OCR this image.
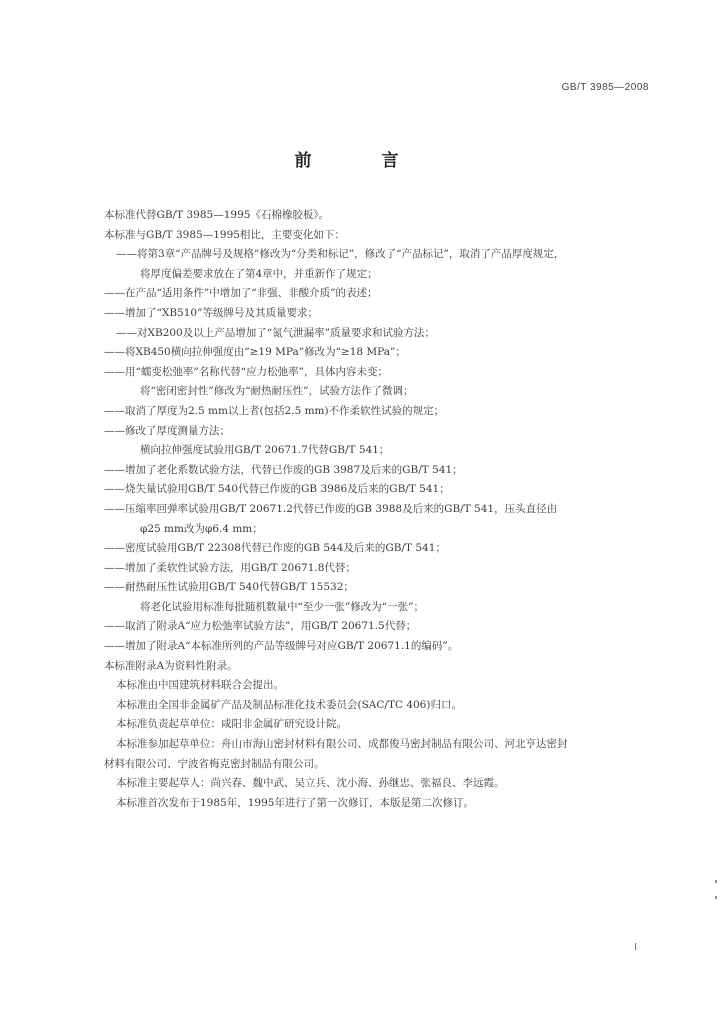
GB/T 3985—2008
前 言
本标准代替GB/T 3985—1995《石棉橡胶板》。
本标准与GB/T 3985—1995相比，主要变化如下：
——将第3章“产品牌号及规格”修改为“分类和标记”，修改了“产品标记”，取消了产品厚度规定，
将厚度偏差要求放在了第4章中，并重新作了规定；
——在产品“适用条件”中增加了“非强、非酸介质”的表述；
——增加了“XB510”等级牌号及其质量要求；
——对XB200及以上产品增加了“氮气泄漏率”质量要求和试验方法；
——将XB450横向拉伸强度由“≥19 MPa”修改为“≥18 MPa”；
——用“蠕变松弛率”名称代替“应力松弛率”，具体内容未变；
将“密闭密封性”修改为“耐热耐压性”，试验方法作了微调；
——取消了厚度为2.5 mm以上者(包括2.5 mm)不作柔软性试验的规定；
——修改了厚度测量方法；
横向拉伸强度试验用GB/T 20671.7代替GB/T 541；
——增加了老化系数试验方法，代替已作废的GB 3987及后来的GB/T 541；
——烧失量试验用GB/T 540代替已作废的GB 3986及后来的GB/T 541；
——压缩率回弹率试验用GB/T 20671.2代替已作废的GB 3988及后来的GB/T 541，压头直径由
φ25 mm改为φ6.4 mm；
——密度试验用GB/T 22308代替已作废的GB 544及后来的GB/T 541；
——增加了柔软性试验方法，用GB/T 20671.8代替；
——耐热耐压性试验用GB/T 540代替GB/T 15532；
将老化试验用标准每批随机数量中“至少一张”修改为“一张”；
——取消了附录A“应力松弛率试验方法”，用GB/T 20671.5代替；
——增加了附录A“本标准所列的产品等级牌号对应GB/T 20671.1的编码”。
本标准附录A为资料性附录。
本标准由中国建筑材料联合会提出。
本标准由全国非金属矿产品及制品标准化技术委员会(SAC/TC 406)归口。
本标准负责起草单位：咸阳非金属矿研究设计院。
本标准参加起草单位：舟山市海山密封材料有限公司、成都俊马密封制品有限公司、河北亨达密封
材料有限公司、宁波省梅克密封制品有限公司。
本标准主要起草人：尚兴春、魏中武、吴立兵、沈小海、孙继忠、张福良、李远霞。
本标准首次发布于1985年，1995年进行了第一次修订，本版是第二次修订。
I
